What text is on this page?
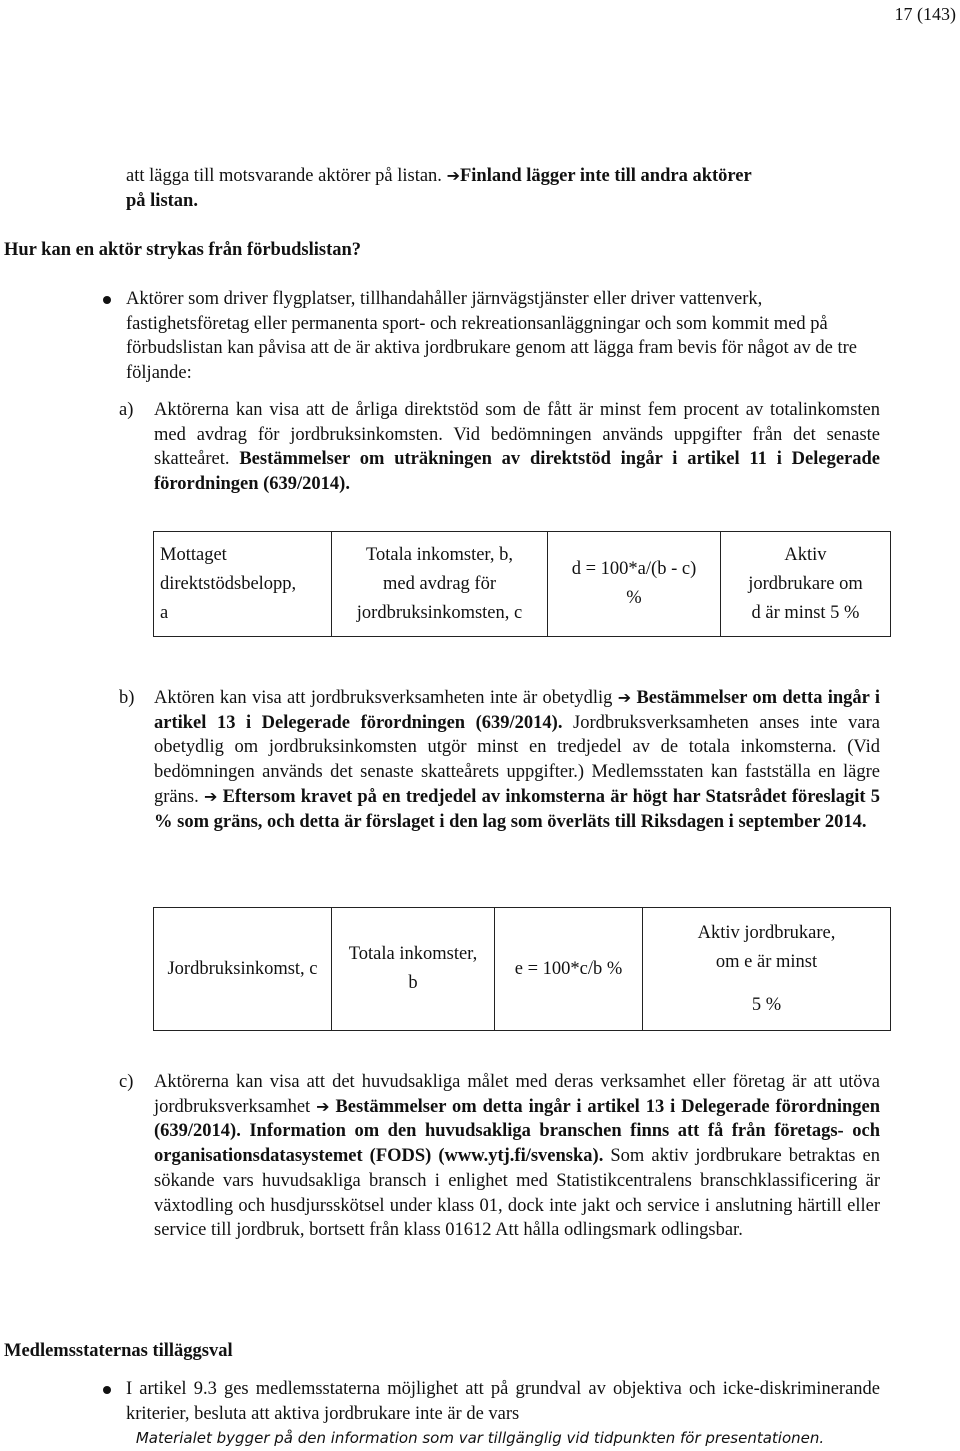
17 (143)
att lägga till motsvarande aktörer på listan. ➔Finland lägger inte till andra aktörer
på listan.
Hur kan en aktör strykas från förbudslistan?
Aktörer som driver flygplatser, tillhandahåller järnvägstjänster eller driver vattenverk, fastighetsföretag eller permanenta sport- och rekreationsanläggningar och som kommit med på förbudslistan kan påvisa att de är aktiva jordbrukare genom att lägga fram bevis för något av de tre följande:
a) Aktörerna kan visa att de årliga direktstöd som de fått är minst fem procent av totalinkomsten med avdrag för jordbruksinkomsten. Vid bedömningen används uppgifter från det senaste skatteåret. Bestämmelser om uträkningen av direktstöd ingår i artikel 11 i Delegerade förordningen (639/2014).
Mottaget
direktstödsbelopp,
a

Totala inkomster, b,
med avdrag för
jordbruksinkomsten, c

d = 100*a/(b - c)
%

Aktiv
jordbrukare om
d är minst 5 %
b) Aktören kan visa att jordbruksverksamheten inte är obetydlig ➔ Bestämmelser om detta ingår i artikel 13 i Delegerade förordningen (639/2014). Jordbruksverksamheten anses inte vara obetydlig om jordbruksinkomsten utgör minst en tredjedel av de totala inkomsterna. (Vid bedömningen används det senaste skatteårets uppgifter.) Medlemsstaten kan fastställa en lägre gräns. ➔ Eftersom kravet på en tredjedel av inkomsterna är högt har Statsrådet föreslagit 5 % som gräns, och detta är förslaget i den lag som överläts till Riksdagen i september 2014.
Jordbruksinkomst, c

Totala inkomster,
b

e = 100*c/b %

Aktiv jordbrukare,
om e är minst
5 %
c) Aktörerna kan visa att det huvudsakliga målet med deras verksamhet eller företag är att utöva jordbruksverksamhet ➔ Bestämmelser om detta ingår i artikel 13 i Delegerade förordningen (639/2014). Information om den huvudsakliga branschen finns att få från företags- och organisationsdatasystemet (FODS) (www.ytj.fi/svenska). Som aktiv jordbrukare betraktas en sökande vars huvudsakliga bransch i enlighet med Statistikcentralens branschklassificering är växtodling och husdjursskötsel under klass 01, dock inte jakt och service i anslutning härtill eller service till jordbruk, bortsett från klass 01612 Att hålla odlingsmark odlingsbar.
Medlemsstaternas tilläggsval
I artikel 9.3 ges medlemsstaterna möjlighet att på grundval av objektiva och icke-diskriminerande kriterier, besluta att aktiva jordbrukare inte är de vars
Materialet bygger på den information som var tillgänglig vid tidpunkten för presentationen.
